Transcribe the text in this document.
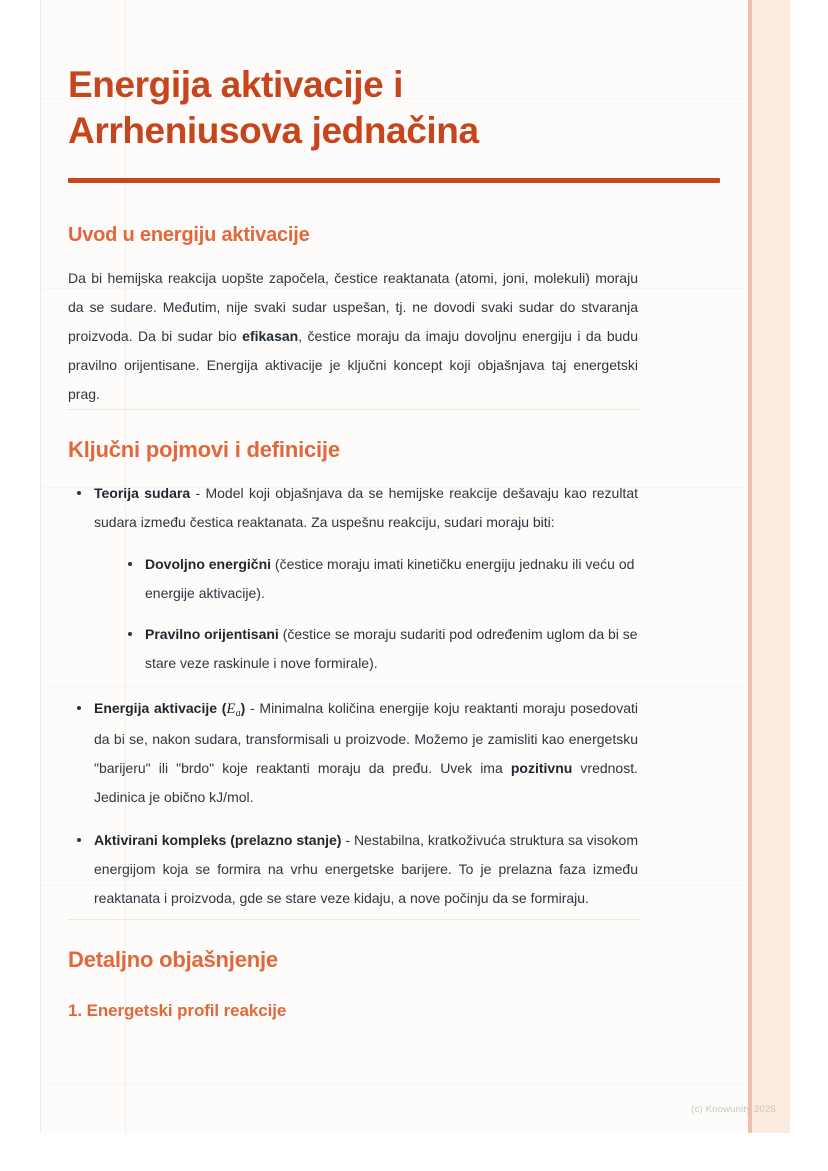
Energija aktivacije i Arrheniusova jednačina
Uvod u energiju aktivacije

Da bi hemijska reakcija uopšte započela, čestice reaktanata (atomi, joni, molekuli) moraju da se sudare. Međutim, nije svaki sudar uspešan, tj. ne dovodi svaki sudar do stvaranja proizvoda. Da bi sudar bio efikasan, čestice moraju da imaju dovoljnu energiju i da budu pravilno orijentisane. Energija aktivacije je ključni koncept koji objašnjava taj energetski prag.

Ključni pojmovi i definicije
Teorija sudara - Model koji objašnjava da se hemijske reakcije dešavaju kao rezultat sudara između čestica reaktanata. Za uspešnu reakciju, sudari moraju biti:
Dovoljno energični (čestice moraju imati kinetičku energiju jednaku ili veću od energije aktivacije).
Pravilno orijentisani (čestice se moraju sudariti pod određenim uglom da bi se stare veze raskinule i nove formirale).
Energija aktivacije $(E_a)$ - Minimalna količina energije koju reaktanti moraju posedovati da bi se, nakon sudara, transformisali u proizvode. Možemo je zamisliti kao energetsku "barijeru" ili "brdo" koje reaktanti moraju da pređu. Uvek ima pozitivnu vrednost. Jedinica je obično kJ/mol.
Aktivirani kompleks (prelazno stanje) - Nestabilna, kratkoživuća struktura sa visokom energijom koja se formira na vrhu energetske barijere. To je prelazna faza između reaktanata i proizvoda, gde se stare veze kidaju, a nove počinju da se formiraju.
Detaljno objašnjenje
1. Energetski profil reakcije
(c) Knowunity 2025
